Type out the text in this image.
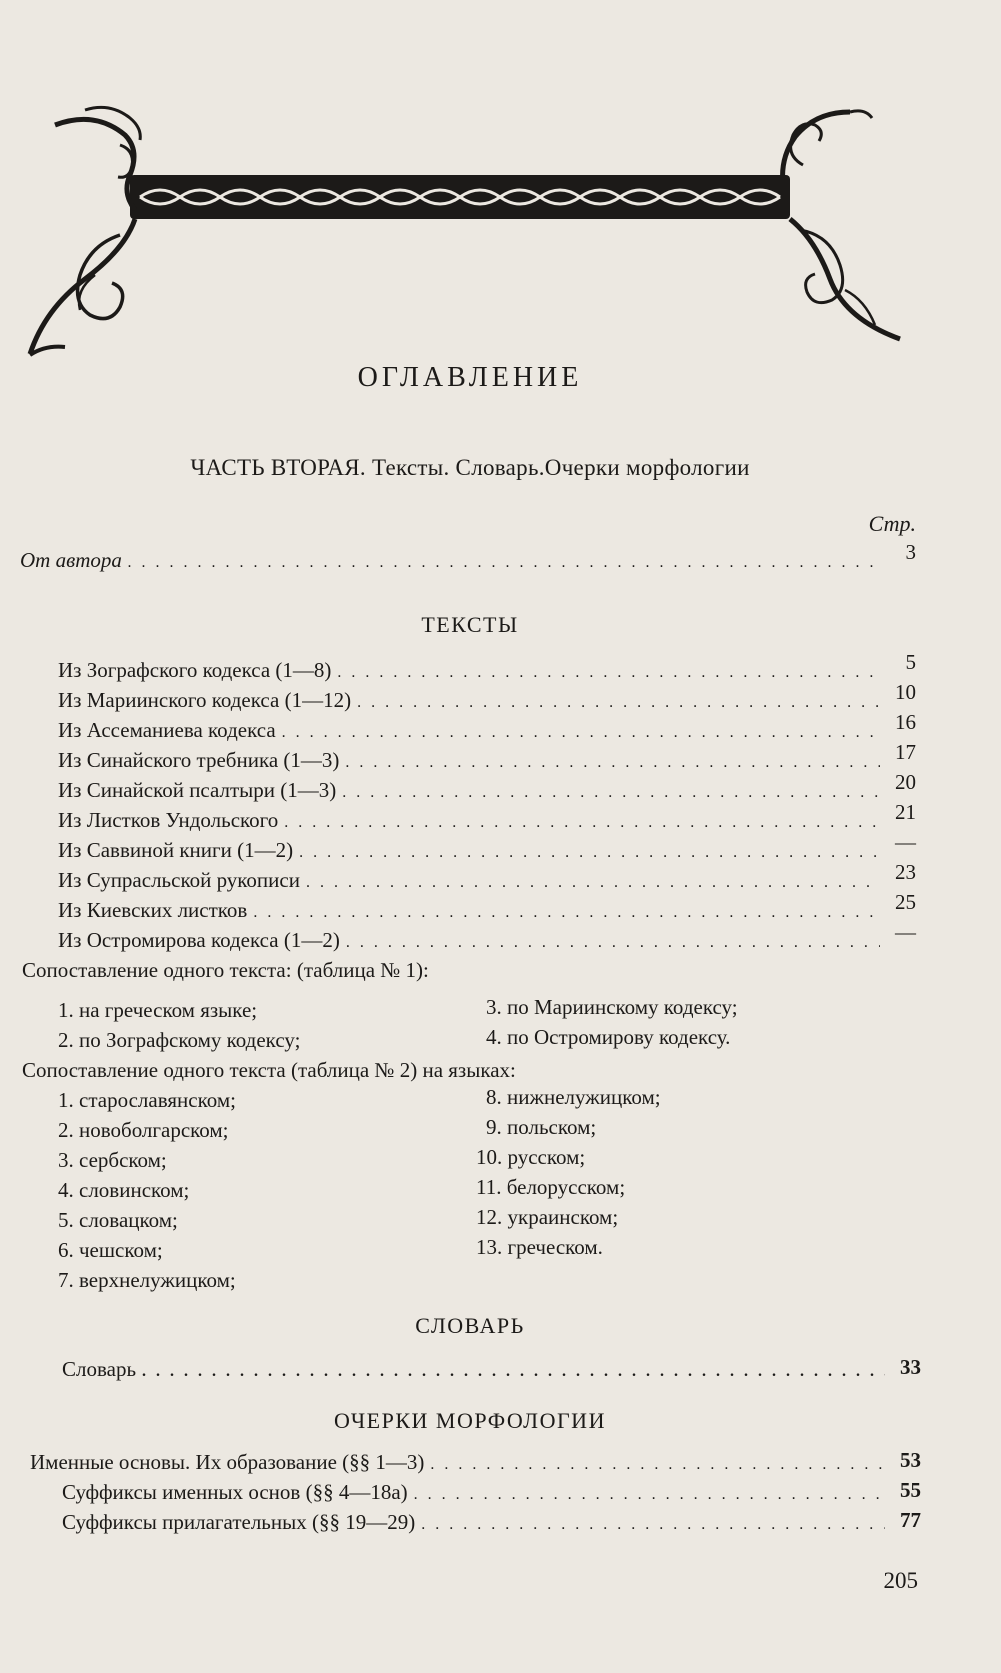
ОГЛАВЛЕНИЕ
ЧАСТЬ ВТОРАЯ. Тексты. Словарь.Очерки морфологии
Стр.
От автора . . .	3
ТЕКСТЫ
Из Зографского кодекса (1—8) . . .	5
Из Мариинского кодекса (1—12) . . .	10
Из Ассеманиева кодекса . . .	16
Из Синайского требника (1—3) . . .	17
Из Синайской псалтыри (1—3) . . .	20
Из Листков Ундольского . . .	21
Из Саввиной книги (1—2) . . .	—
Из Супрасльской рукописи . . .	23
Из Киевских листков . . .	25
Из Остромирова кодекса (1—2) . . .	—
Сопоставление одного текста: (таблица № 1):
1. на греческом языке;
2. по Зографскому кодексу;
3. по Мариинскому кодексу;
4. по Остромирову кодексу.
Сопоставление одного текста (таблица № 2) на языках:
1. старославянском;
2. новоболгарском;
3. сербском;
4. словинском;
5. словацком;
6. чешском;
7. верхнелужицком;
8. нижнелужицком;
9. польском;
10. русском;
11. белорусском;
12. украинском;
13. греческом.
СЛОВАРЬ
Словарь . . .	33
ОЧЕРКИ МОРФОЛОГИИ
Именные основы. Их образование (§§ 1—3) . . .	53
Суффиксы именных основ (§§ 4—18а) . . .	55
Суффиксы прилагательных (§§ 19—29) . . .	77
205
